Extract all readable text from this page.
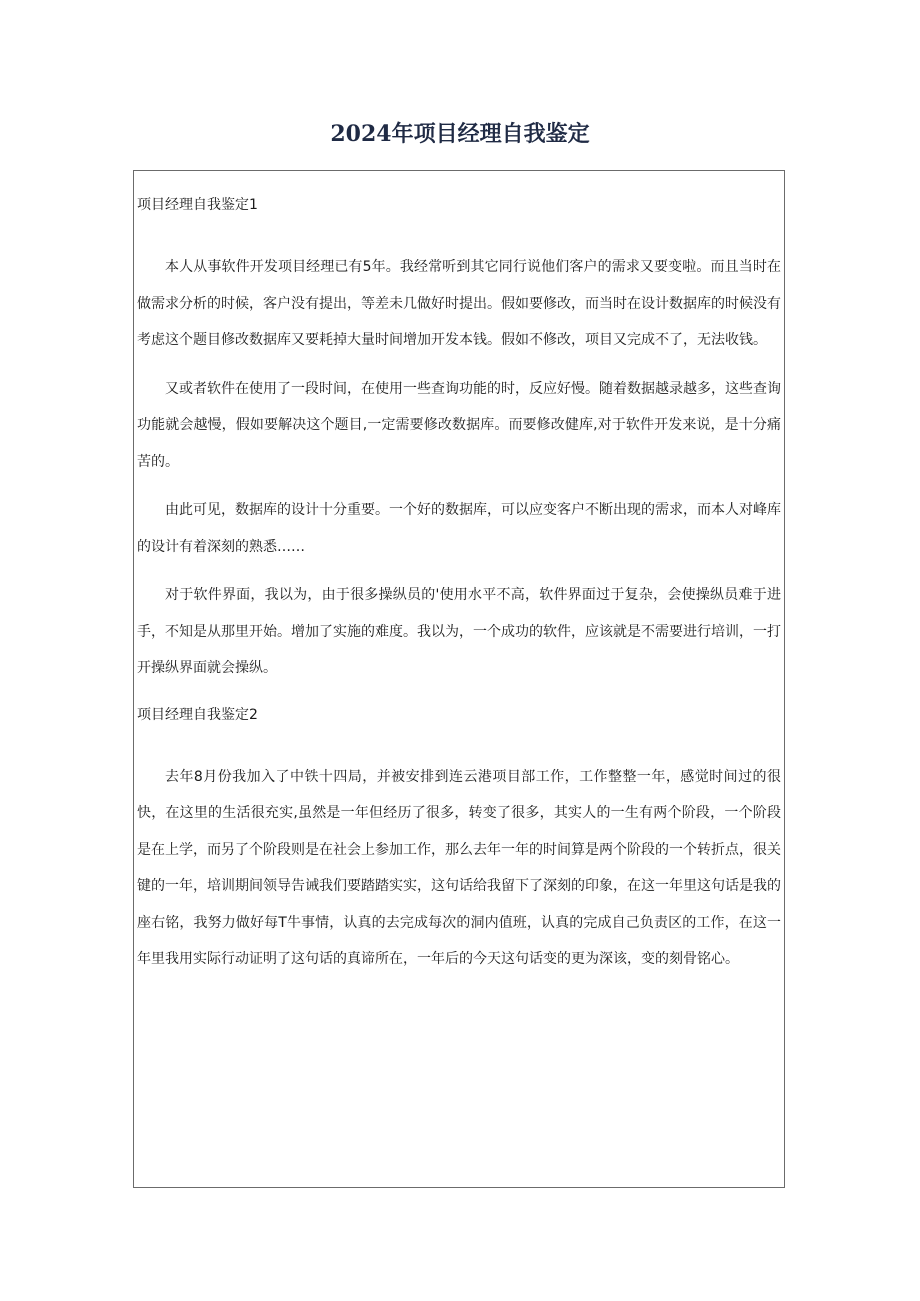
2024年项目经理自我鉴定

项目经理自我鉴定1

本人从事软件开发项目经理已有5年。我经常听到其它同行说他们客户的需求又要变啦。而且当时在做需求分析的时候，客户没有提出，等差未几做好时提出。假如要修改，而当时在设计数据库的时候没有考虑这个题目修改数据库又要耗掉大量时间增加开发本钱。假如不修改，项目又完成不了，无法收钱。

又或者软件在使用了一段时间，在使用一些查询功能的时，反应好慢。随着数据越录越多，这些查询功能就会越慢，假如要解决这个题目,一定需要修改数据库。而要修改健库,对于软件开发来说，是十分痛苦的。

由此可见，数据库的设计十分重要。一个好的数据库，可以应变客户不断出现的需求，而本人对峰库的设计有着深刻的熟悉……

对于软件界面，我以为，由于很多操纵员的'使用水平不高，软件界面过于复杂，会使操纵员难于进手，不知是从那里开始。增加了实施的难度。我以为，一个成功的软件，应该就是不需要进行培训，一打开操纵界面就会操纵。

项目经理自我鉴定2

去年8月份我加入了中铁十四局，并被安排到连云港项目部工作，工作整整一年，感觉时间过的很快，在这里的生活很充实,虽然是一年但经历了很多，转变了很多，其实人的一生有两个阶段，一个阶段是在上学，而另了个阶段则是在社会上参加工作，那么去年一年的时间算是两个阶段的一个转折点，很关键的一年，培训期间领导告诫我们要踏踏实实，这句话给我留下了深刻的印象，在这一年里这句话是我的座右铭，我努力做好每T牛事情，认真的去完成每次的洞内值班，认真的完成自己负责区的工作，在这一年里我用实际行动证明了这句话的真谛所在，一年后的今天这句话变的更为深该，变的刻骨铭心。
